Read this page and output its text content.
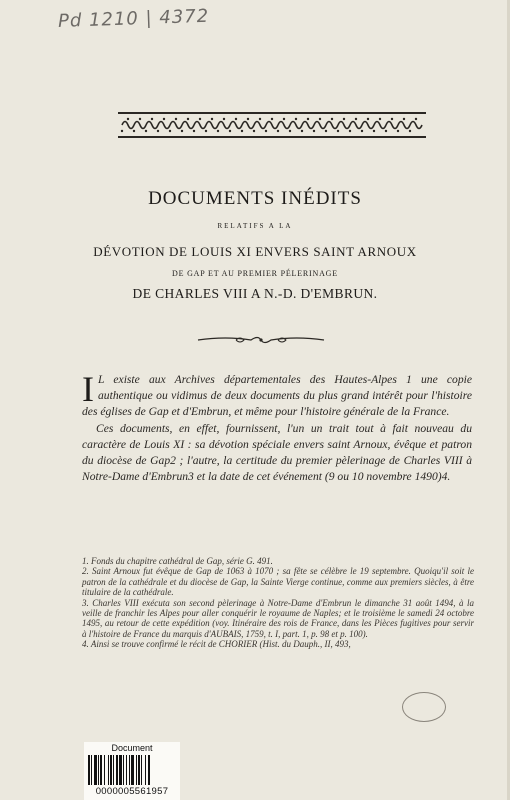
Pd 1210 | 4372
DOCUMENTS INÉDITS
RELATIFS A LA
DÉVOTION DE LOUIS XI ENVERS SAINT ARNOUX
DE GAP ET AU PREMIER PÉLERINAGE
DE CHARLES VIII A N.-D. D'EMBRUN.

I L existe aux Archives départementales des Hautes-Alpes 1 une copie authentique ou vidimus de deux documents du plus grand intérêt pour l'histoire des églises de Gap et d'Embrun, et même pour l'histoire générale de la France.

Ces documents, en effet, fournissent, l'un un trait tout à fait nouveau du caractère de Louis XI : sa dévotion spéciale envers saint Arnoux, évêque et patron du diocèse de Gap2 ; l'autre, la certitude du premier pèlerinage de Charles VIII à Notre-Dame d'Embrun3 et la date de cet événement (9 ou 10 novembre 1490)4.

1. Fonds du chapitre cathédral de Gap, série G. 491.
2. Saint Arnoux fut évêque de Gap de 1063 à 1070 ; sa fête se célèbre le 19 septembre. Quoiqu'il soit le patron de la cathédrale et du diocèse de Gap, la Sainte Vierge continue, comme aux premiers siècles, à être titulaire de la cathédrale.
3. Charles VIII exécuta son second pèlerinage à Notre-Dame d'Embrun le dimanche 31 août 1494, à la veille de franchir les Alpes pour aller conquérir le royaume de Naples; et le troisième le samedi 24 octobre 1495, au retour de cette expédition (voy. Itinéraire des rois de France, dans les Pièces fugitives pour servir à l'histoire de France du marquis d'AUBAIS, 1759, t. I, part. 1, p. 98 et p. 100).
4. Ainsi se trouve confirmé le récit de CHORIER (Hist. du Dauph., II, 493,
Document
0000005561957
